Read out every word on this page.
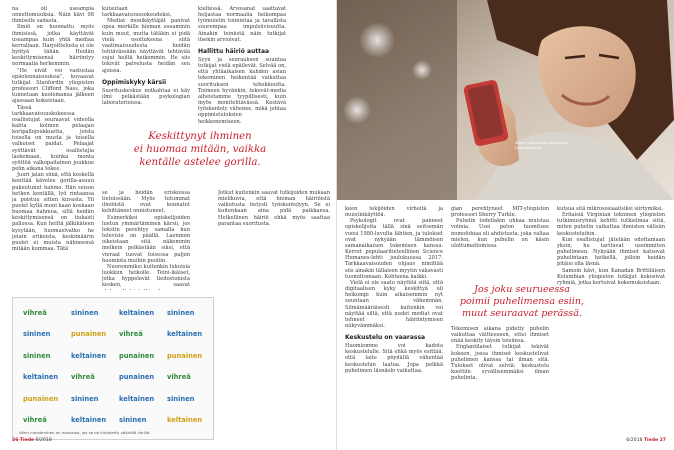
na oli useampia onnettomuuksia. Näin kävi 98 ihmiselle sadasta.

Ilmiö on huomattu myös ihmisissä, jotka käyttävät useampaa kuin yhtä mediaa kerrallaan. Harjoittelusta ei ole hyötyä tähän. Heidän keskittymisensä häiriintyy normaalia herkemmin.

”He eivät voi vastustaa epäolennaisuuksia”, kuvaavat tutkijat Stanfordin yliopiston professori Clifford Nass, joka tunnetaan kuolemansa jälkeen ajassaan kokeistaan.

Tässä tarkkaavaisuuskokeessa osallistujat seuraavat videolla kahta kolmen pelaajan koripallojoukkuetta, joista toisella on musta ja toisella valkoiset paidat. Pelaajat syöttävät osallistujia laskemaan, kuinka monta syöttöä valkopaitainen joukkue pelin aikana tekee.

Juuri jalan siinä, että keskellä kenttää kävelee gorilla-asuun pukeutunut hahmo. Hän seisoo hetken kentällä, lyö rintaansa ja poistuu sitten kuvasta. Yli puolet kyllä moni kaan koskaan huomaa hahmoa, sillä heidän keskittymisensä on tiukasti pallossa. Kun heiltä jälkikäteen kysytään, huomasivatko he jotain erikoista, keskimäärin puolet ei muista nähneensä mitään kummaa. Tätä

kutsutaan tarkkaavaisuussokeudeksi.

Mediat monikäyttäjät panivat upea merkille hieman useammin kuin muut, mutta tätäkin ei pidä vielä osoituksena siitä vaatimaisuudesta heidän tehtävässään näyttävät tehtävää sujui heiltä heikommin. He siis tekivät palvelusta heidän sen ajoissa.

Oppimiskyky kärsii

Suorituskeskus notkahtaa ei käy ilmi pelkästään psykologian laboratorioissa.

Keskittynyt ihminen
ei huomaa mitään, vaikka
kentälle astelee gorilla.

se ja heidän eriskoissa tietoissään. Myös tutummat ilmiöistä ovat konnatut kehittäneet onnistuneet.

Esimerkiksi opiskelijoiden luetun ymmärtäminen kärsii, jos tekstin perehtyy samalla kun televisio on päällä. Laenmon oikeistaan sitä näkemmin melkein pelkästään siksi, että vieraat tuovat toisessa paljon huomiota muihin puoliin.

Nuoremmiksi kuitenkin lukuisia luokkiin heikolle. Teini-ikäiset, jotka hyppelevät tiedostonista kesken, saavat

kieltessä. Arvosanat saattavat heijastaa normaalia heikompaa työmuistin toimintaa ja tavallista suurempaa impulsiivisuutta. Ainakin teiniistä näin tutkijat itsekin arvioivat.

Hallittu häiriö auttaa

Syyn ja seurauksen suuntaa tutkijat vielä epäilevät. Selvää on, että yhtäaikaisen kahden asian tekeminen heikentää vaikuttaa suorituksen tehokkuutta. Toimeen hyvänkin, tekevät-media aiheistamme tyypillisesti, kuin myös monitehtävässä. Kestävä työskentely vähenee, mikä johtaa oppimistuloksien heikkenemiseen.

Jotkut kuitenkin saavat tutkijoiden mukaan mielikuvia, että hieman häiriöistä vaikutusta tietysti työskentelyyn. Se ei kuitenkaan aina pidä paikkansa. Hetkellinen häiriö ehkä myös saattaa parantaa suoritusta.

vihreä	sininen	keltainen	sininen
sininen	punainen	vihreä	keltainen
sininen	keltainen	punainen	punainen
keltainen	vihreä	punainen	vihreä
punainen	sininen	keltainen	sininen
vihreä	keltainen	sininen	keltainen
Värin nimeäminen on hankalaa, jos se on kirjoitettu väärällä värillä.
26 Tiede 6/2018
Some vaarallisia huomioita huomasimme.

keen tekijöiden virheitä ja muistinkäyttöä.

Psykologit ovat panneet opiskelijoita tällä sinä seitsemän vuosi 1980-luvulta lähtien, ja tulokset ovat nykyään tämmöisen samanaikaisen tekemisen kanssa. Kerrot populaaritieteellinen Science Humanes-lehti joulukuussa 2017. Tarkkaavaisuuden ohjaus nimittää siis ainakin tällaisen myytin vakavasti tuomittomaan. Kohteena kaikki.

Vielä ei ole saatu näyttöä siitä, että digitaalisen kyky keskittyä oli heikompi kuin aikaisemmin nyt suuntaan vähemmän. Silmämääräisesti kuitenkin voi näyttää siltä, että uudet mediat ovat tehneet häiriintymisen näkyvämmäksi.

Keskustelu on vaarassa

Huomiomme voi kadota keskustelulle. Sitä ehkä myös esittää, että laite pöydällä vähentää keskustelun laatua. Jopa pelkkä puhelimen läsnäolo vaikuttaa.

gian perehtyneet MIT-yliopiston professori Sherry Turkle.

Puhelin todellakin uhkaa muistaa voimia. Usei pelon tuomitsee nomofobiaa eli ahdistusta, joka valtaa mielen, kun puhelin on käsin ulottumattomissa.

Jos joku seurueessa
poimii puhelimensa esiin,
muut seuraavat perässä.

Tekemisen aikana pidetty puhelin vaikuttaa väitteeseen, ettei ihmiset enää keskity täysin toisiinsa.

Englantilaiset tutkijat tekivät kokeen, jossa ihmiset keskustelivat puhelimen kanssa tai ilman sitä. Tulokset olivat selviä: keskustelu koettiin syvällisemmäksi ilman puhelinta.

kutsua sitä mikrososiaalisiksi siirtymiksi.

Erilaisiä Virginian tekninen yliopiston tutkimusryhmä kehitti tutkielmaa siitä, miten puhelin vaikuttaa ihmisten välisiin keskusteluihin.

Kun osallistujat jätetään odottamaan yksin, he tarttuvat useimmiten puhelimeen. Nykyään ihmiset katsovat puhelintaan hetkellä, jolloin heidän pitäisi olla läsnä.

Samoin kävi, kun Kanadan Brittiläisen Kolumbian yliopiston tutkijat kokosivat ryhmiä, jotka kertoivat kokemuksistaan.

6/2018 Tiede 27
